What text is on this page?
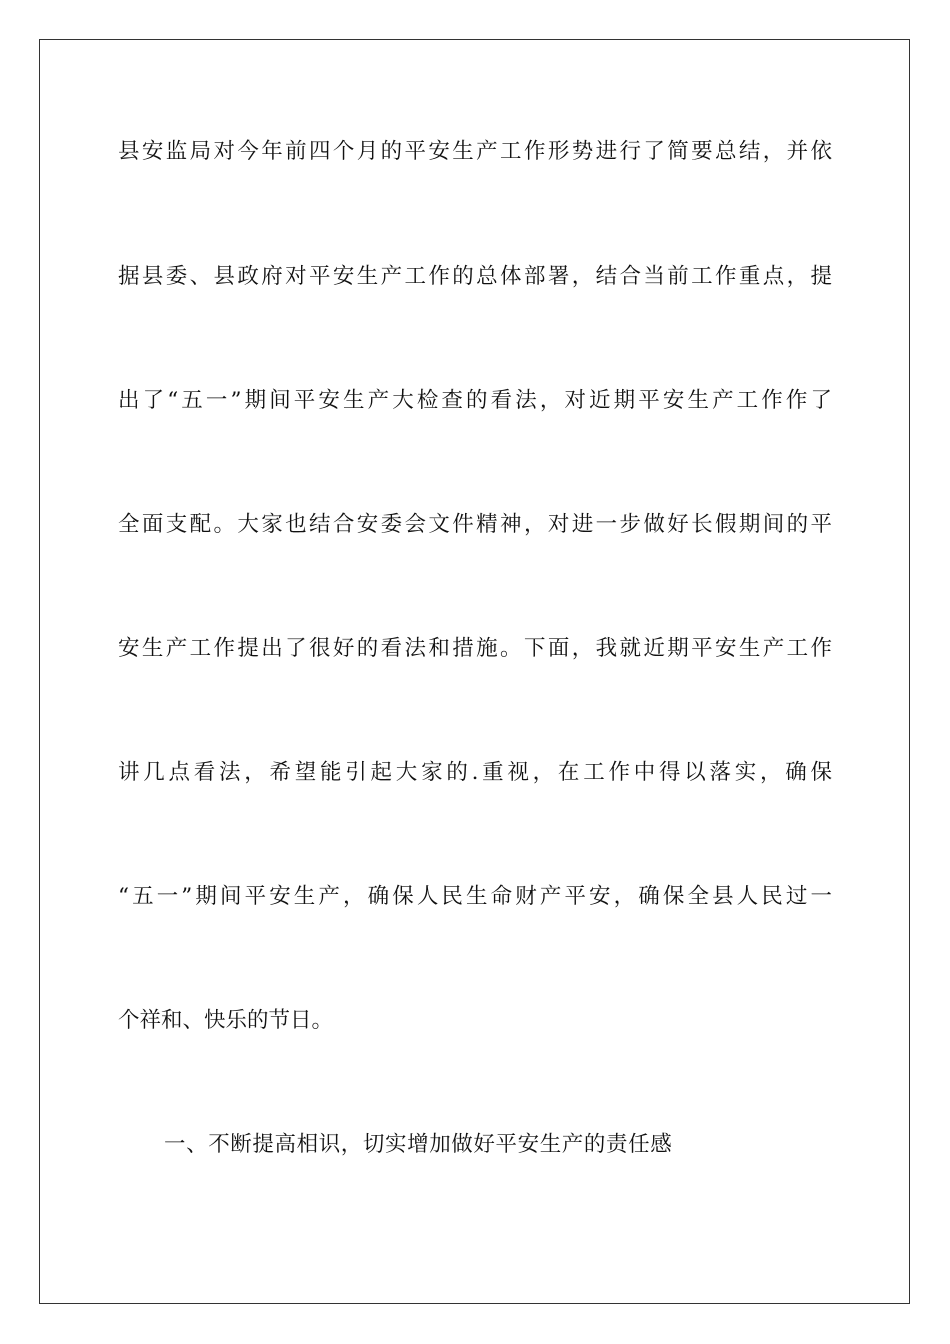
县安监局对今年前四个月的平安生产工作形势进行了简要总结，并依

据县委、县政府对平安生产工作的总体部署，结合当前工作重点，提

出了“五一”期间平安生产大检查的看法，对近期平安生产工作作了

全面支配。大家也结合安委会文件精神，对进一步做好长假期间的平

安生产工作提出了很好的看法和措施。下面，我就近期平安生产工作

讲几点看法，希望能引起大家的.重视，在工作中得以落实，确保

“五一”期间平安生产，确保人民生命财产平安，确保全县人民过一

个祥和、快乐的节日。

一、不断提高相识，切实增加做好平安生产的责任感
